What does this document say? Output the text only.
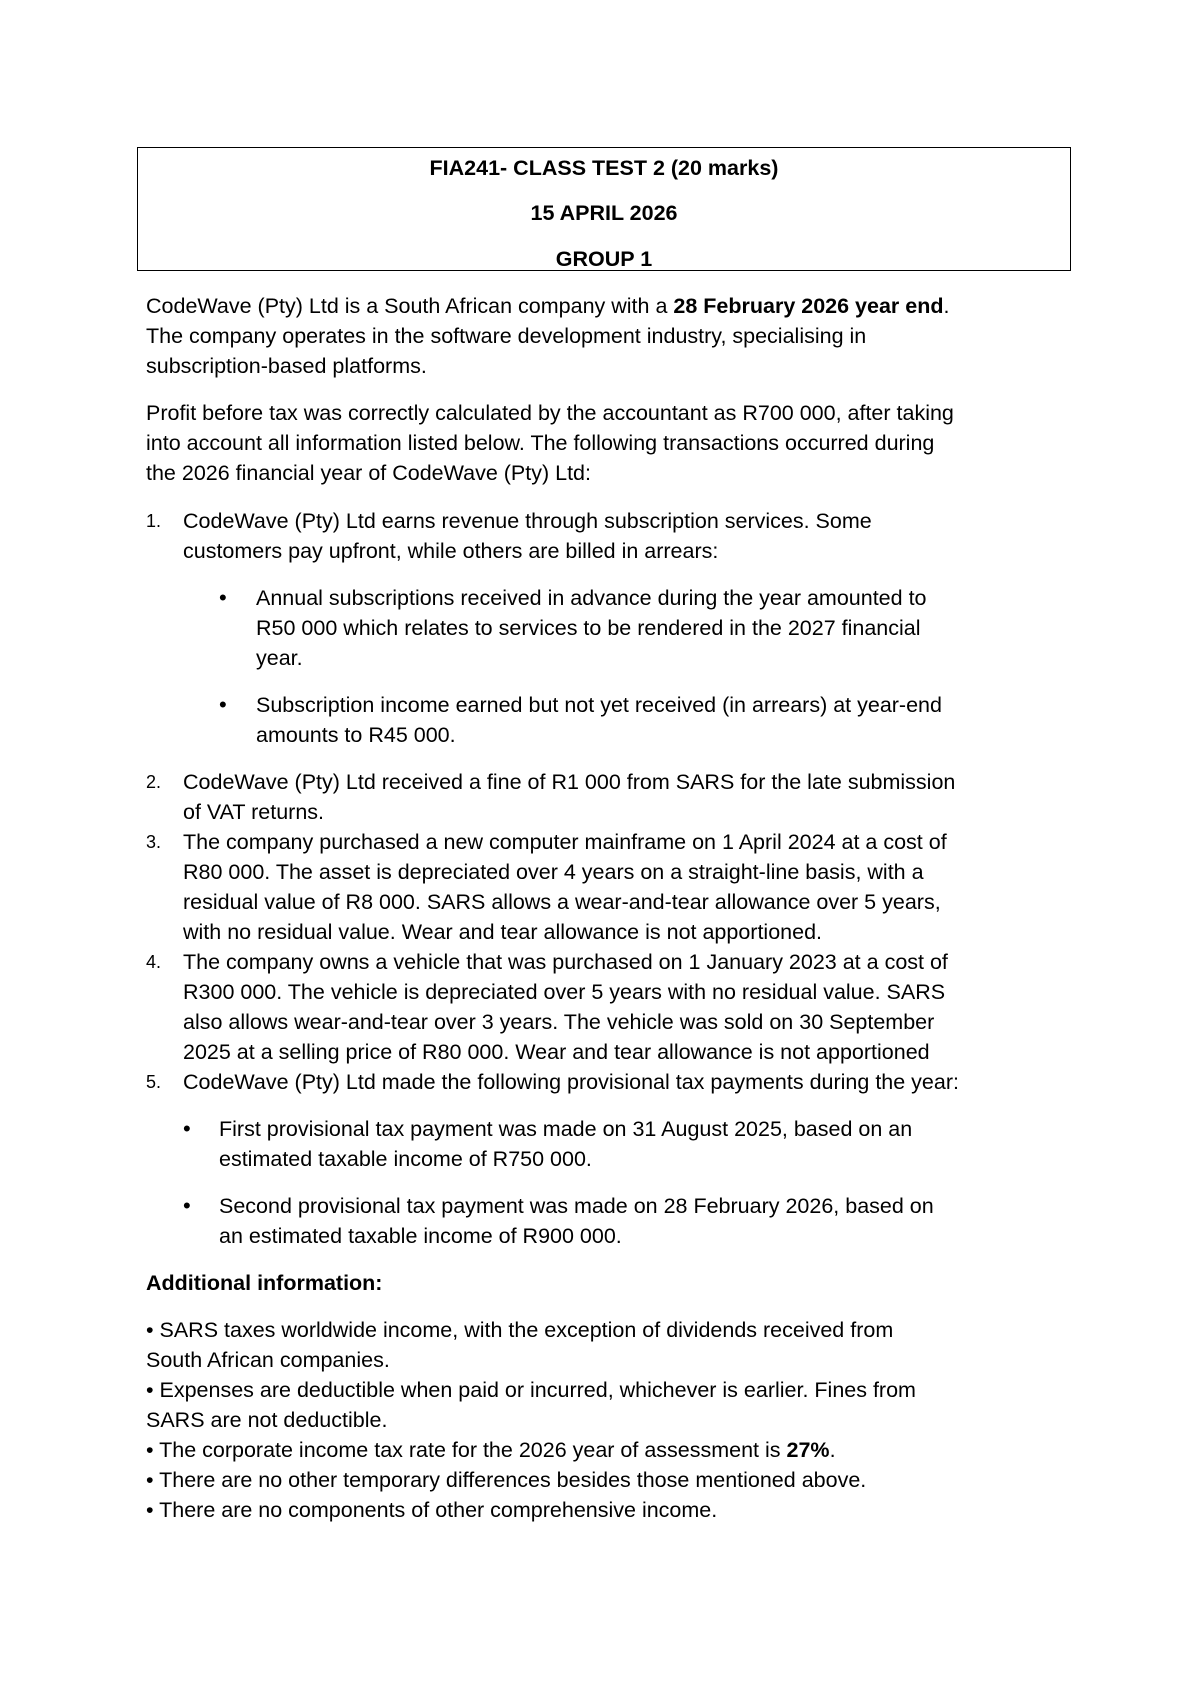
FIA241- CLASS TEST 2 (20 marks)
15 APRIL 2026
GROUP 1
CodeWave (Pty) Ltd is a South African company with a 28 February 2026 year end.
The company operates in the software development industry, specialising in
subscription-based platforms.
Profit before tax was correctly calculated by the accountant as R700 000, after taking
into account all information listed below. The following transactions occurred during
the 2026 financial year of CodeWave (Pty) Ltd:
1. CodeWave (Pty) Ltd earns revenue through subscription services. Some
customers pay upfront, while others are billed in arrears:
• Annual subscriptions received in advance during the year amounted to
R50 000 which relates to services to be rendered in the 2027 financial
year.
• Subscription income earned but not yet received (in arrears) at year-end
amounts to R45 000.
2. CodeWave (Pty) Ltd received a fine of R1 000 from SARS for the late submission
of VAT returns.
3. The company purchased a new computer mainframe on 1 April 2024 at a cost of
R80 000. The asset is depreciated over 4 years on a straight-line basis, with a
residual value of R8 000. SARS allows a wear-and-tear allowance over 5 years,
with no residual value. Wear and tear allowance is not apportioned.
4. The company owns a vehicle that was purchased on 1 January 2023 at a cost of
R300 000. The vehicle is depreciated over 5 years with no residual value. SARS
also allows wear-and-tear over 3 years. The vehicle was sold on 30 September
2025 at a selling price of R80 000. Wear and tear allowance is not apportioned
5. CodeWave (Pty) Ltd made the following provisional tax payments during the year:
• First provisional tax payment was made on 31 August 2025, based on an
estimated taxable income of R750 000.
• Second provisional tax payment was made on 28 February 2026, based on
an estimated taxable income of R900 000.
Additional information:
• SARS taxes worldwide income, with the exception of dividends received from
South African companies.
• Expenses are deductible when paid or incurred, whichever is earlier. Fines from
SARS are not deductible.
• The corporate income tax rate for the 2026 year of assessment is 27%.
• There are no other temporary differences besides those mentioned above.
• There are no components of other comprehensive income.
